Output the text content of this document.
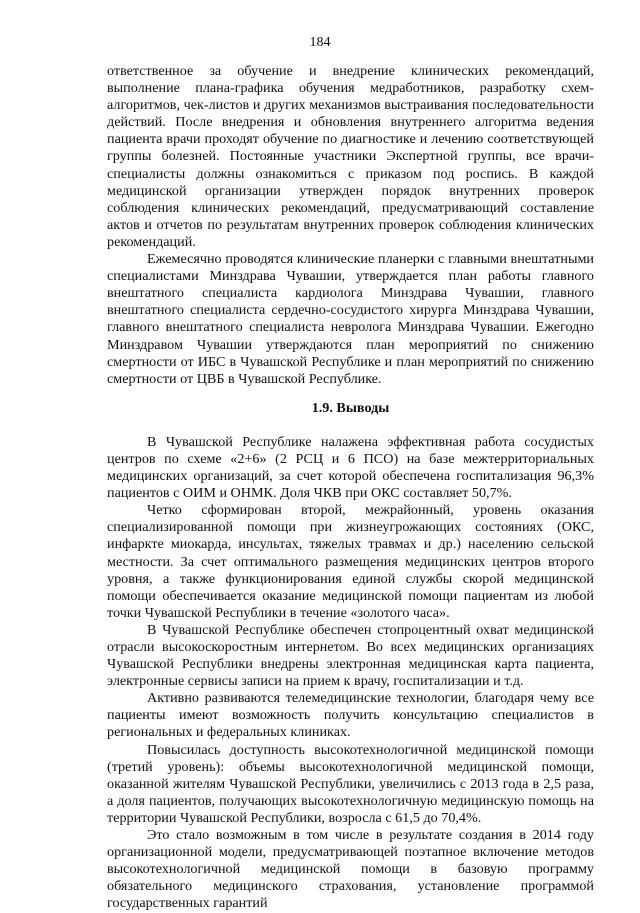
184

ответственное за обучение и внедрение клинических рекомендаций, выполнение плана-графика обучения медработников, разработку схем-алгоритмов, чек-листов и других механизмов выстраивания последовательности действий. После внедрения и обновления внутреннего алгоритма ведения пациента врачи проходят обучение по диагностике и лечению соответствующей группы болезней. Постоянные участники Экспертной группы, все врачи-специалисты должны ознакомиться с приказом под роспись. В каждой медицинской организации утвержден порядок внутренних проверок соблюдения клинических рекомендаций, предусматривающий составление актов и отчетов по результатам внутренних проверок соблюдения клинических рекомендаций.

Ежемесячно проводятся клинические планерки с главными внештатными специалистами Минздрава Чувашии, утверждается план работы главного внештатного специалиста кардиолога Минздрава Чувашии, главного внештатного специалиста сердечно-сосудистого хирурга Минздрава Чувашии, главного внештатного специалиста невролога Минздрава Чувашии. Ежегодно Минздравом Чувашии утверждаются план мероприятий по снижению смертности от ИБС в Чувашской Республике и план мероприятий по снижению смертности от ЦВБ в Чувашской Республике.

1.9. Выводы

В Чувашской Республике налажена эффективная работа сосудистых центров по схеме «2+6» (2 РСЦ и 6 ПСО) на базе межтерриториальных медицинских организаций, за счет которой обеспечена госпитализация 96,3% пациентов с ОИМ и ОНМК. Доля ЧКВ при ОКС составляет 50,7%.

Четко сформирован второй, межрайонный, уровень оказания специализированной помощи при жизнеугрожающих состояниях (ОКС, инфаркте миокарда, инсультах, тяжелых травмах и др.) населению сельской местности. За счет оптимального размещения медицинских центров второго уровня, а также функционирования единой службы скорой медицинской помощи обеспечивается оказание медицинской помощи пациентам из любой точки Чувашской Республики в течение «золотого часа».

В Чувашской Республике обеспечен стопроцентный охват медицинской отрасли высокоскоростным интернетом. Во всех медицинских организациях Чувашской Республики внедрены электронная медицинская карта пациента, электронные сервисы записи на прием к врачу, госпитализации и т.д.

Активно развиваются телемедицинские технологии, благодаря чему все пациенты имеют возможность получить консультацию специалистов в региональных и федеральных клиниках.

Повысилась доступность высокотехнологичной медицинской помощи (третий уровень): объемы высокотехнологичной медицинской помощи, оказанной жителям Чувашской Республики, увеличились с 2013 года в 2,5 раза, а доля пациентов, получающих высокотехнологичную медицинскую помощь на территории Чувашской Республики, возросла с 61,5 до 70,4%.

Это стало возможным в том числе в результате создания в 2014 году организационной модели, предусматривающей поэтапное включение методов высокотехнологичной медицинской помощи в базовую программу обязательного медицинского страхования, установление программой государственных гарантий
